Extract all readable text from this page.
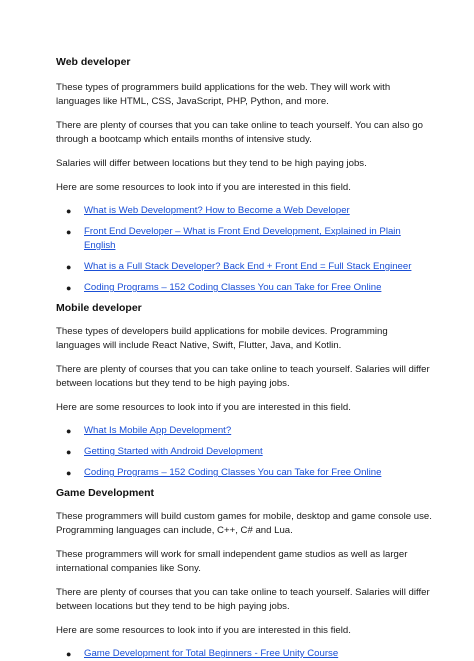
Web developer

These types of programmers build applications for the web. They will work with languages like HTML, CSS, JavaScript, PHP, Python, and more.

There are plenty of courses that you can take online to teach yourself. You can also go through a bootcamp which entails months of intensive study.

Salaries will differ between locations but they tend to be high paying jobs.

Here are some resources to look into if you are interested in this field.

● What is Web Development? How to Become a Web Developer
● Front End Developer – What is Front End Development, Explained in Plain English
● What is a Full Stack Developer? Back End + Front End = Full Stack Engineer
● Coding Programs – 152 Coding Classes You can Take for Free Online

Mobile developer

These types of developers build applications for mobile devices. Programming languages will include React Native, Swift, Flutter, Java, and Kotlin.

There are plenty of courses that you can take online to teach yourself. Salaries will differ between locations but they tend to be high paying jobs.

Here are some resources to look into if you are interested in this field.

● What Is Mobile App Development?
● Getting Started with Android Development
● Coding Programs – 152 Coding Classes You can Take for Free Online

Game Development

These programmers will build custom games for mobile, desktop and game console use. Programming languages can include, C++, C# and Lua.

These programmers will work for small independent game studios as well as larger international companies like Sony.

There are plenty of courses that you can take online to teach yourself. Salaries will differ between locations but they tend to be high paying jobs.

Here are some resources to look into if you are interested in this field.

● Game Development for Total Beginners - Free Unity Course
